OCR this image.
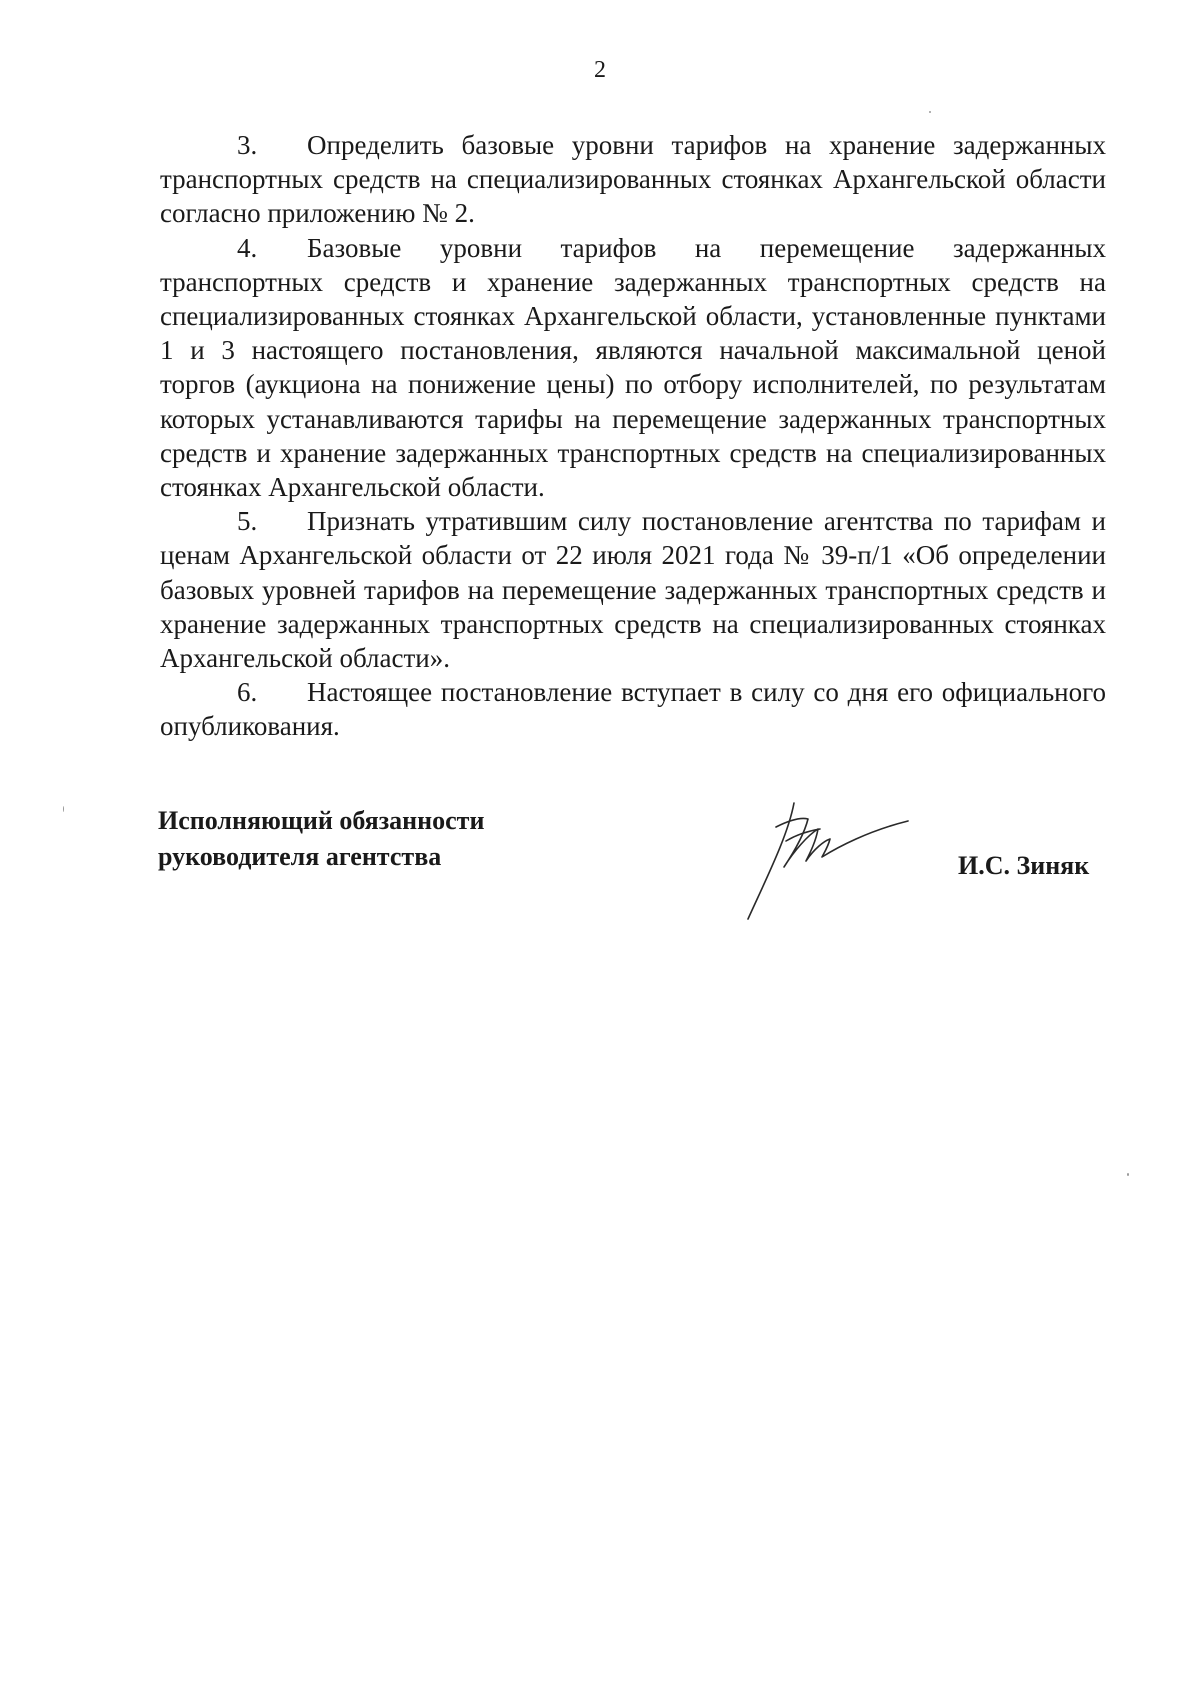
2

3. Определить базовые уровни тарифов на хранение задержанных транспортных средств на специализированных стоянках Архангельской области согласно приложению № 2.

4. Базовые уровни тарифов на перемещение задержанных транспортных средств и хранение задержанных транспортных средств на специализированных стоянках Архангельской области, установленные пунктами 1 и 3 настоящего постановления, являются начальной максимальной ценой торгов (аукциона на понижение цены) по отбору исполнителей, по результатам которых устанавливаются тарифы на перемещение задержанных транспортных средств и хранение задержанных транспортных средств на специализированных стоянках Архангельской области.

5. Признать утратившим силу постановление агентства по тарифам и ценам Архангельской области от 22 июля 2021 года № 39-п/1 «Об определении базовых уровней тарифов на перемещение задержанных транспортных средств и хранение задержанных транспортных средств на специализированных стоянках Архангельской области».

6. Настоящее постановление вступает в силу со дня его официального опубликования.

Исполняющий обязанности
руководителя агентства	И.С. Зиняк
